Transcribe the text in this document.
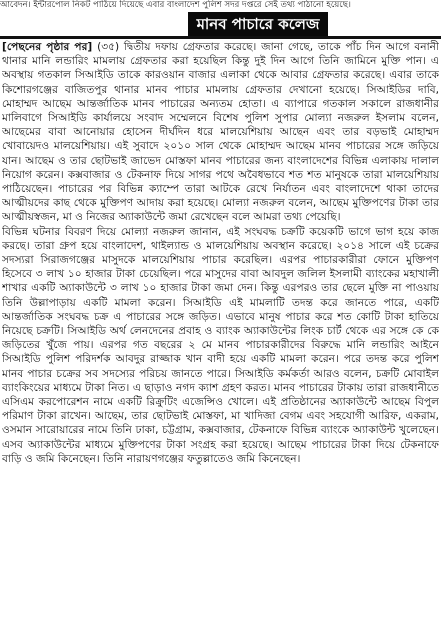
আবেদন। ইন্টারপোল নিকট পাঠিয়ে দিয়েছে এবার বাংলাদেশ পুলিশ সদর দপ্তরে সেই তথ্য পাঠানো হয়েছে।
মানব পাচারে কলেজ

[পেছনের পৃষ্ঠার পর] (৩৫) দ্বিতীয় দফায় গ্রেফতার করেছে। জানা গেছে, তাকে পাঁচ দিন আগে বনানী থানার মানি লন্ডারিং মামলায় গ্রেফতার করা হয়েছিল কিন্তু দুই দিন আগে তিনি জামিনে মুক্তি পান। এ অবস্থায় গতকাল সিআইডি তাকে কারওয়ান বাজার এলাকা থেকে আবার গ্রেফতার করেছে। এবার তাকে কিশোরগঞ্জের বাজিতপুর থানার মানব পাচার মামলায় গ্রেফতার দেখানো হয়েছে। সিআইডির দাবি, মোহাম্মদ আছেম আন্তর্জাতিক মানব পাচারের অন্যতম হোতা। এ ব্যাপারে গতকাল সকালে রাজধানীর মালিবাগে সিআইডি কার্যালয়ে সংবাদ সম্মেলনে বিশেষ পুলিশ সুপার মোল্যা নজরুল ইসলাম বলেন, আছেমের বাবা আনোয়ার হোসেন দীর্ঘদিন ধরে মালয়েশিয়ায় আছেন এবং তার বড়ভাই মোহাম্মদ খোবায়েদও মালয়েশিয়ায়। এই সুবাদে ২০১০ সাল থেকে মোহাম্মদ আছেম মানব পাচারের সঙ্গে জড়িয়ে যান। আছেম ও তার ছোটভাই জাভেদ মোস্তফা মানব পাচারের জন্য বাংলাদেশের বিভিন্ন এলাকায় দালাল নিয়োগ করেন। কক্সবাজার ও টেকনাফ দিয়ে সাগর পথে অবৈধভাবে শত শত মানুষকে তারা মালয়েশিয়ায় পাঠিয়েছেন। পাচারের পর বিভিন্ন ক্যাম্পে তারা আটকে রেখে নির্যাতন এবং বাংলাদেশে থাকা তাদের আত্মীয়দের কাছ থেকে মুক্তিপণ আদায় করা হয়েছে। মোল্যা নজরুল বলেন, আছেম মুক্তিপণের টাকা তার আত্মীয়স্বজন, মা ও নিজের অ্যাকাউন্টে জমা রেখেছেন বলে আমরা তথ্য পেয়েছি।

বিভিন্ন ঘটনার বিবরণ দিয়ে মোল্যা নজরুল জানান, এই সংঘবদ্ধ চক্রটি কয়েকটি ভাগে ভাগ হয়ে কাজ করছে। তারা গ্রুপ হয়ে বাংলাদেশ, থাইল্যান্ড ও মালয়েশিয়ায় অবস্থান করেছে। ২০১৪ সালে এই চক্রের সদস্যরা সিরাজগঞ্জের মাসুদকে মালয়েশিয়ায় পাচার করেছিল। এরপর পাচারকারীরা ফোনে মুক্তিপণ হিসেবে ৩ লাখ ১০ হাজার টাকা চেয়েছিল। পরে মাসুদের বাবা আবদুল জলিল ইসলামী ব্যাংকের মহাখালী শাখার একটি অ্যাকাউন্টে ৩ লাখ ১০ হাজার টাকা জমা দেন। কিন্তু এরপরও তার ছেলে মুক্তি না পাওয়ায় তিনি উল্লাপাড়ায় একটি মামলা করেন। সিআইডি এই মামলাটি তদন্ত করে জানতে পারে, একটি আন্তর্জাতিক সংঘবদ্ধ চক্র এ পাচারের সঙ্গে জড়িত। এভাবে মানুষ পাচার করে শত কোটি টাকা হাতিয়ে নিয়েছে চক্রটি। সিআইডি অর্থ লেনদেনের প্রবাহ ও ব্যাংক অ্যাকাউন্টের লিংক চার্ট থেকে এর সঙ্গে কে কে জড়িতের খুঁজে পায়। এরপর গত বছরের ২ মে মানব পাচারকারীদের বিরুদ্ধে মানি লন্ডারিং আইনে সিআইডি পুলিশ পরিদর্শক আবদুর রাজ্জাক খান বাদী হয়ে একটি মামলা করেন। পরে তদন্ত করে পুলিশ মানব পাচার চক্রের সব সদস্যের পরিচয় জানতে পারে। সিআইডি কর্মকর্তা আরও বলেন, চক্রটি মোবাইল ব্যাংকিংয়ের মাধ্যমে টাকা নিত। এ ছাড়াও নগদ ক্যাশ গ্রহণ করত। মানব পাচারের টাকায় তারা রাজধানীতে এসিএম করপোরেশন নামে একটি রিক্রুটিং এজেন্সিও খোলে। এই প্রতিষ্ঠানের অ্যাকাউন্টে আছেম বিপুল পরিমাণ টাকা রাখেন। আছেম, তার ছোটভাই মোস্তফা, মা খাদিজা বেগম এবং সহযোগী আরিফ, একরাম, ওসমান সারোয়ারের নামে তিনি ঢাকা, চট্টগ্রাম, কক্সবাজার, টেকনাফে বিভিন্ন ব্যাংকে অ্যাকাউন্ট খুলেছেন। এসব অ্যাকাউন্টের মাধ্যমে মুক্তিপণের টাকা সংগ্রহ করা হয়েছে। আছেম পাচারের টাকা দিয়ে টেকনাফে বাড়ি ও জমি কিনেছেন। তিনি নারায়ণগঞ্জের ফতুল্লাতেও জমি কিনেছেন।
